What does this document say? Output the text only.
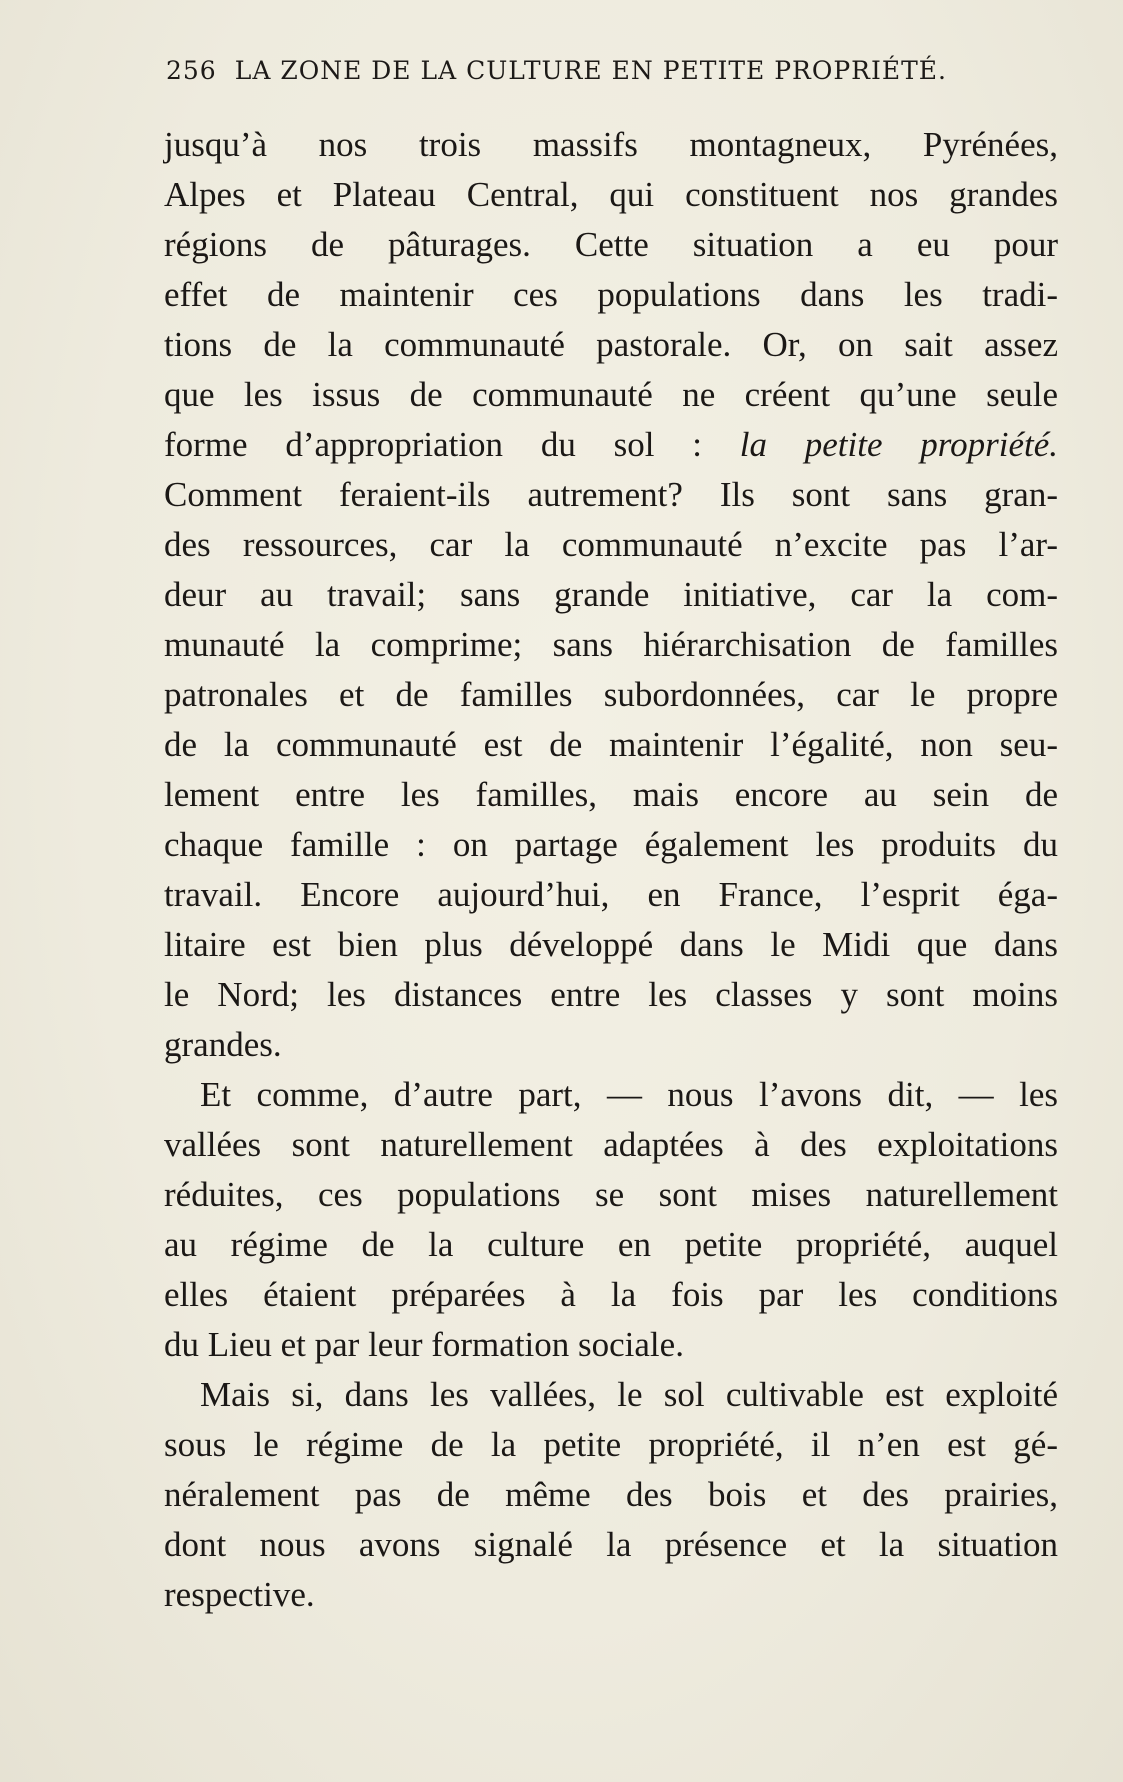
256 LA ZONE DE LA CULTURE EN PETITE PROPRIÉTÉ.
jusqu’à nos trois massifs montagneux, Pyrénées,
Alpes et Plateau Central, qui constituent nos grandes
régions de pâturages. Cette situation a eu pour
effet de maintenir ces populations dans les tradi-
tions de la communauté pastorale. Or, on sait assez
que les issus de communauté ne créent qu’une seule
forme d’appropriation du sol : la petite propriété.
Comment feraient-ils autrement? Ils sont sans gran-
des ressources, car la communauté n’excite pas l’ar-
deur au travail; sans grande initiative, car la com-
munauté la comprime; sans hiérarchisation de familles
patronales et de familles subordonnées, car le propre
de la communauté est de maintenir l’égalité, non seu-
lement entre les familles, mais encore au sein de
chaque famille : on partage également les produits du
travail. Encore aujourd’hui, en France, l’esprit éga-
litaire est bien plus développé dans le Midi que dans
le Nord; les distances entre les classes y sont moins
grandes.
Et comme, d’autre part, — nous l’avons dit, — les
vallées sont naturellement adaptées à des exploitations
réduites, ces populations se sont mises naturellement
au régime de la culture en petite propriété, auquel
elles étaient préparées à la fois par les conditions
du Lieu et par leur formation sociale.
Mais si, dans les vallées, le sol cultivable est exploité
sous le régime de la petite propriété, il n’en est gé-
néralement pas de même des bois et des prairies,
dont nous avons signalé la présence et la situation
respective.
